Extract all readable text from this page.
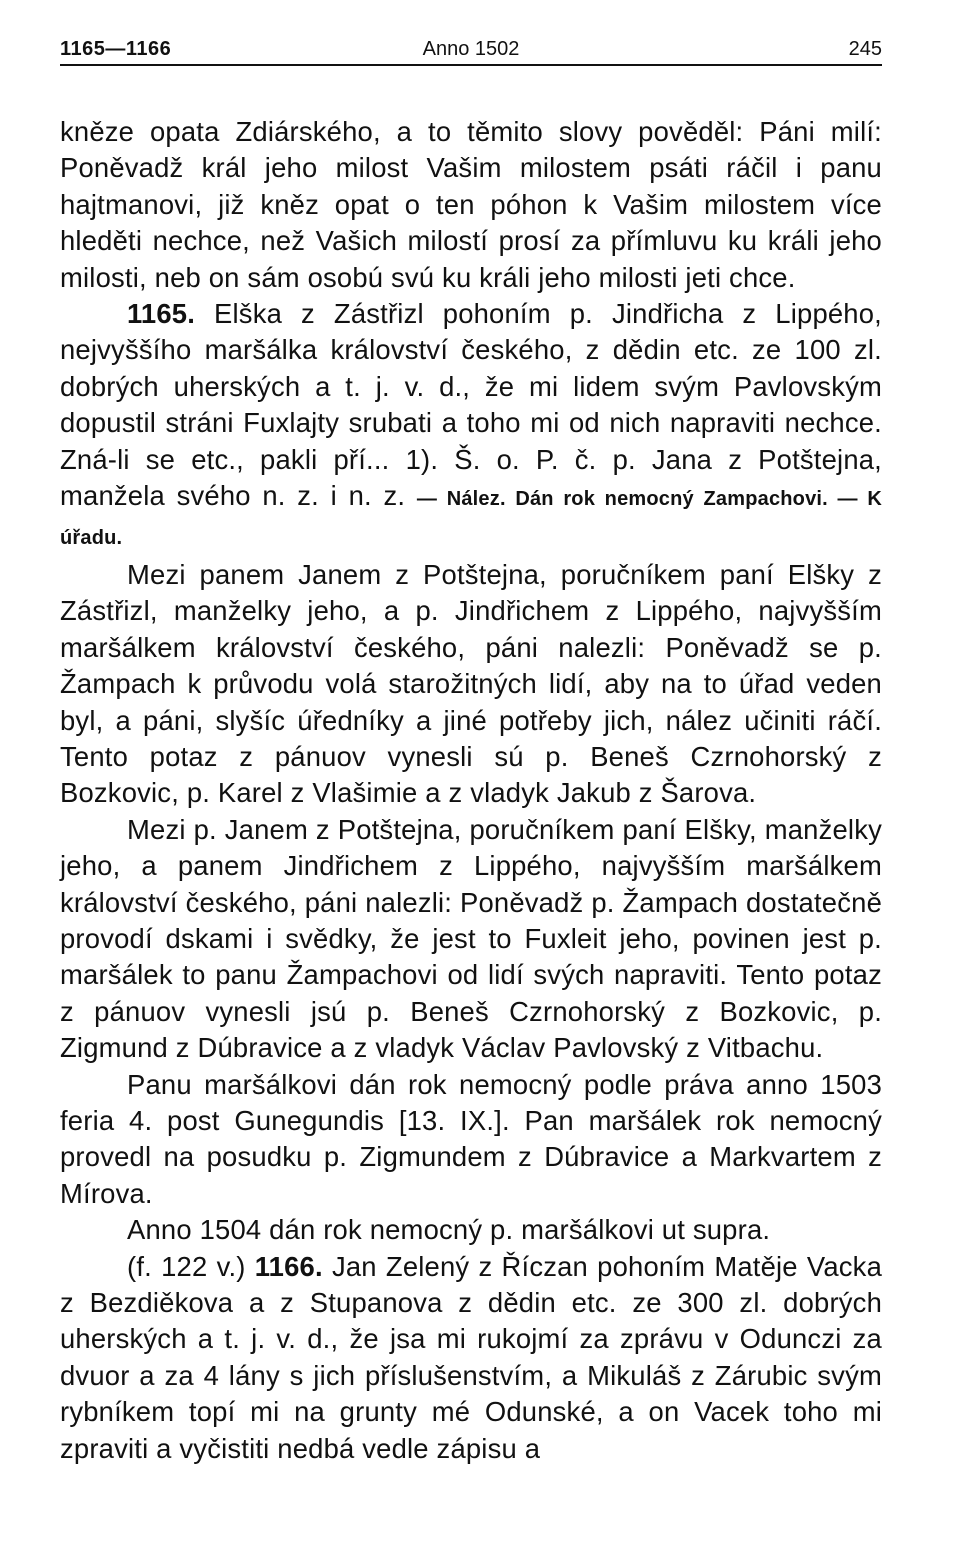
1165—1166	Anno 1502	245

kněze opata Zdiárského, a to těmito slovy pověděl: Páni milí: Poněvadž král jeho milost Vašim milostem psáti ráčil i panu hajtmanovi, již kněz opat o ten póhon k Vašim milostem více hleděti nechce, než Vašich milostí prosí za přímluvu ku králi jeho milosti, neb on sám osobú svú ku králi jeho milosti jeti chce.

1165. Elška z Zástřizl pohoním p. Jindřicha z Lippého, nejvyššího maršálka království českého, z dědin etc. ze 100 zl. dobrých uherských a t. j. v. d., že mi lidem svým Pavlovským dopustil stráni Fuxlajty srubati a toho mi od nich napraviti nechce. Zná-li se etc., pakli pří... 1). Š. o. P. č. p. Jana z Potštejna, manžela svého n. z. i n. z. — Nález. Dán rok nemocný Zampachovi. — K úřadu.

Mezi panem Janem z Potštejna, poručníkem paní Elšky z Zástřizl, manželky jeho, a p. Jindřichem z Lippého, najvyšším maršálkem království českého, páni nalezli: Poněvadž se p. Žampach k průvodu volá starožitných lidí, aby na to úřad veden byl, a páni, slyšíc úředníky a jiné potřeby jich, nález učiniti ráčí. Tento potaz z pánuov vynesli sú p. Beneš Czrnohorský z Bozkovic, p. Karel z Vlašimie a z vladyk Jakub z Šarova.

Mezi p. Janem z Potštejna, poručníkem paní Elšky, manželky jeho, a panem Jindřichem z Lippého, najvyšším maršálkem království českého, páni nalezli: Poněvadž p. Žampach dostatečně provodí dskami i svědky, že jest to Fuxleit jeho, povinen jest p. maršálek to panu Žampachovi od lidí svých napraviti. Tento potaz z pánuov vynesli jsú p. Beneš Czrnohorský z Bozkovic, p. Zigmund z Dúbravice a z vladyk Václav Pavlovský z Vitbachu.

Panu maršálkovi dán rok nemocný podle práva anno 1503 feria 4. post Gunegundis [13. IX.]. Pan maršálek rok nemocný provedl na posudku p. Zigmundem z Dúbravice a Markvartem z Mírova.

Anno 1504 dán rok nemocný p. maršálkovi ut supra.

(f. 122 v.) 1166. Jan Zelený z Říczan pohoním Matěje Vacka z Bezdiěkova a z Stupanova z dědin etc. ze 300 zl. dobrých uherských a t. j. v. d., že jsa mi rukojmí za zprávu v Odunczi za dvuor a za 4 lány s jich příslušenstvím, a Mikuláš z Zárubic svým rybníkem topí mi na grunty mé Odunské, a on Vacek toho mi zpraviti a vyčistiti nedbá vedle zápisu a
